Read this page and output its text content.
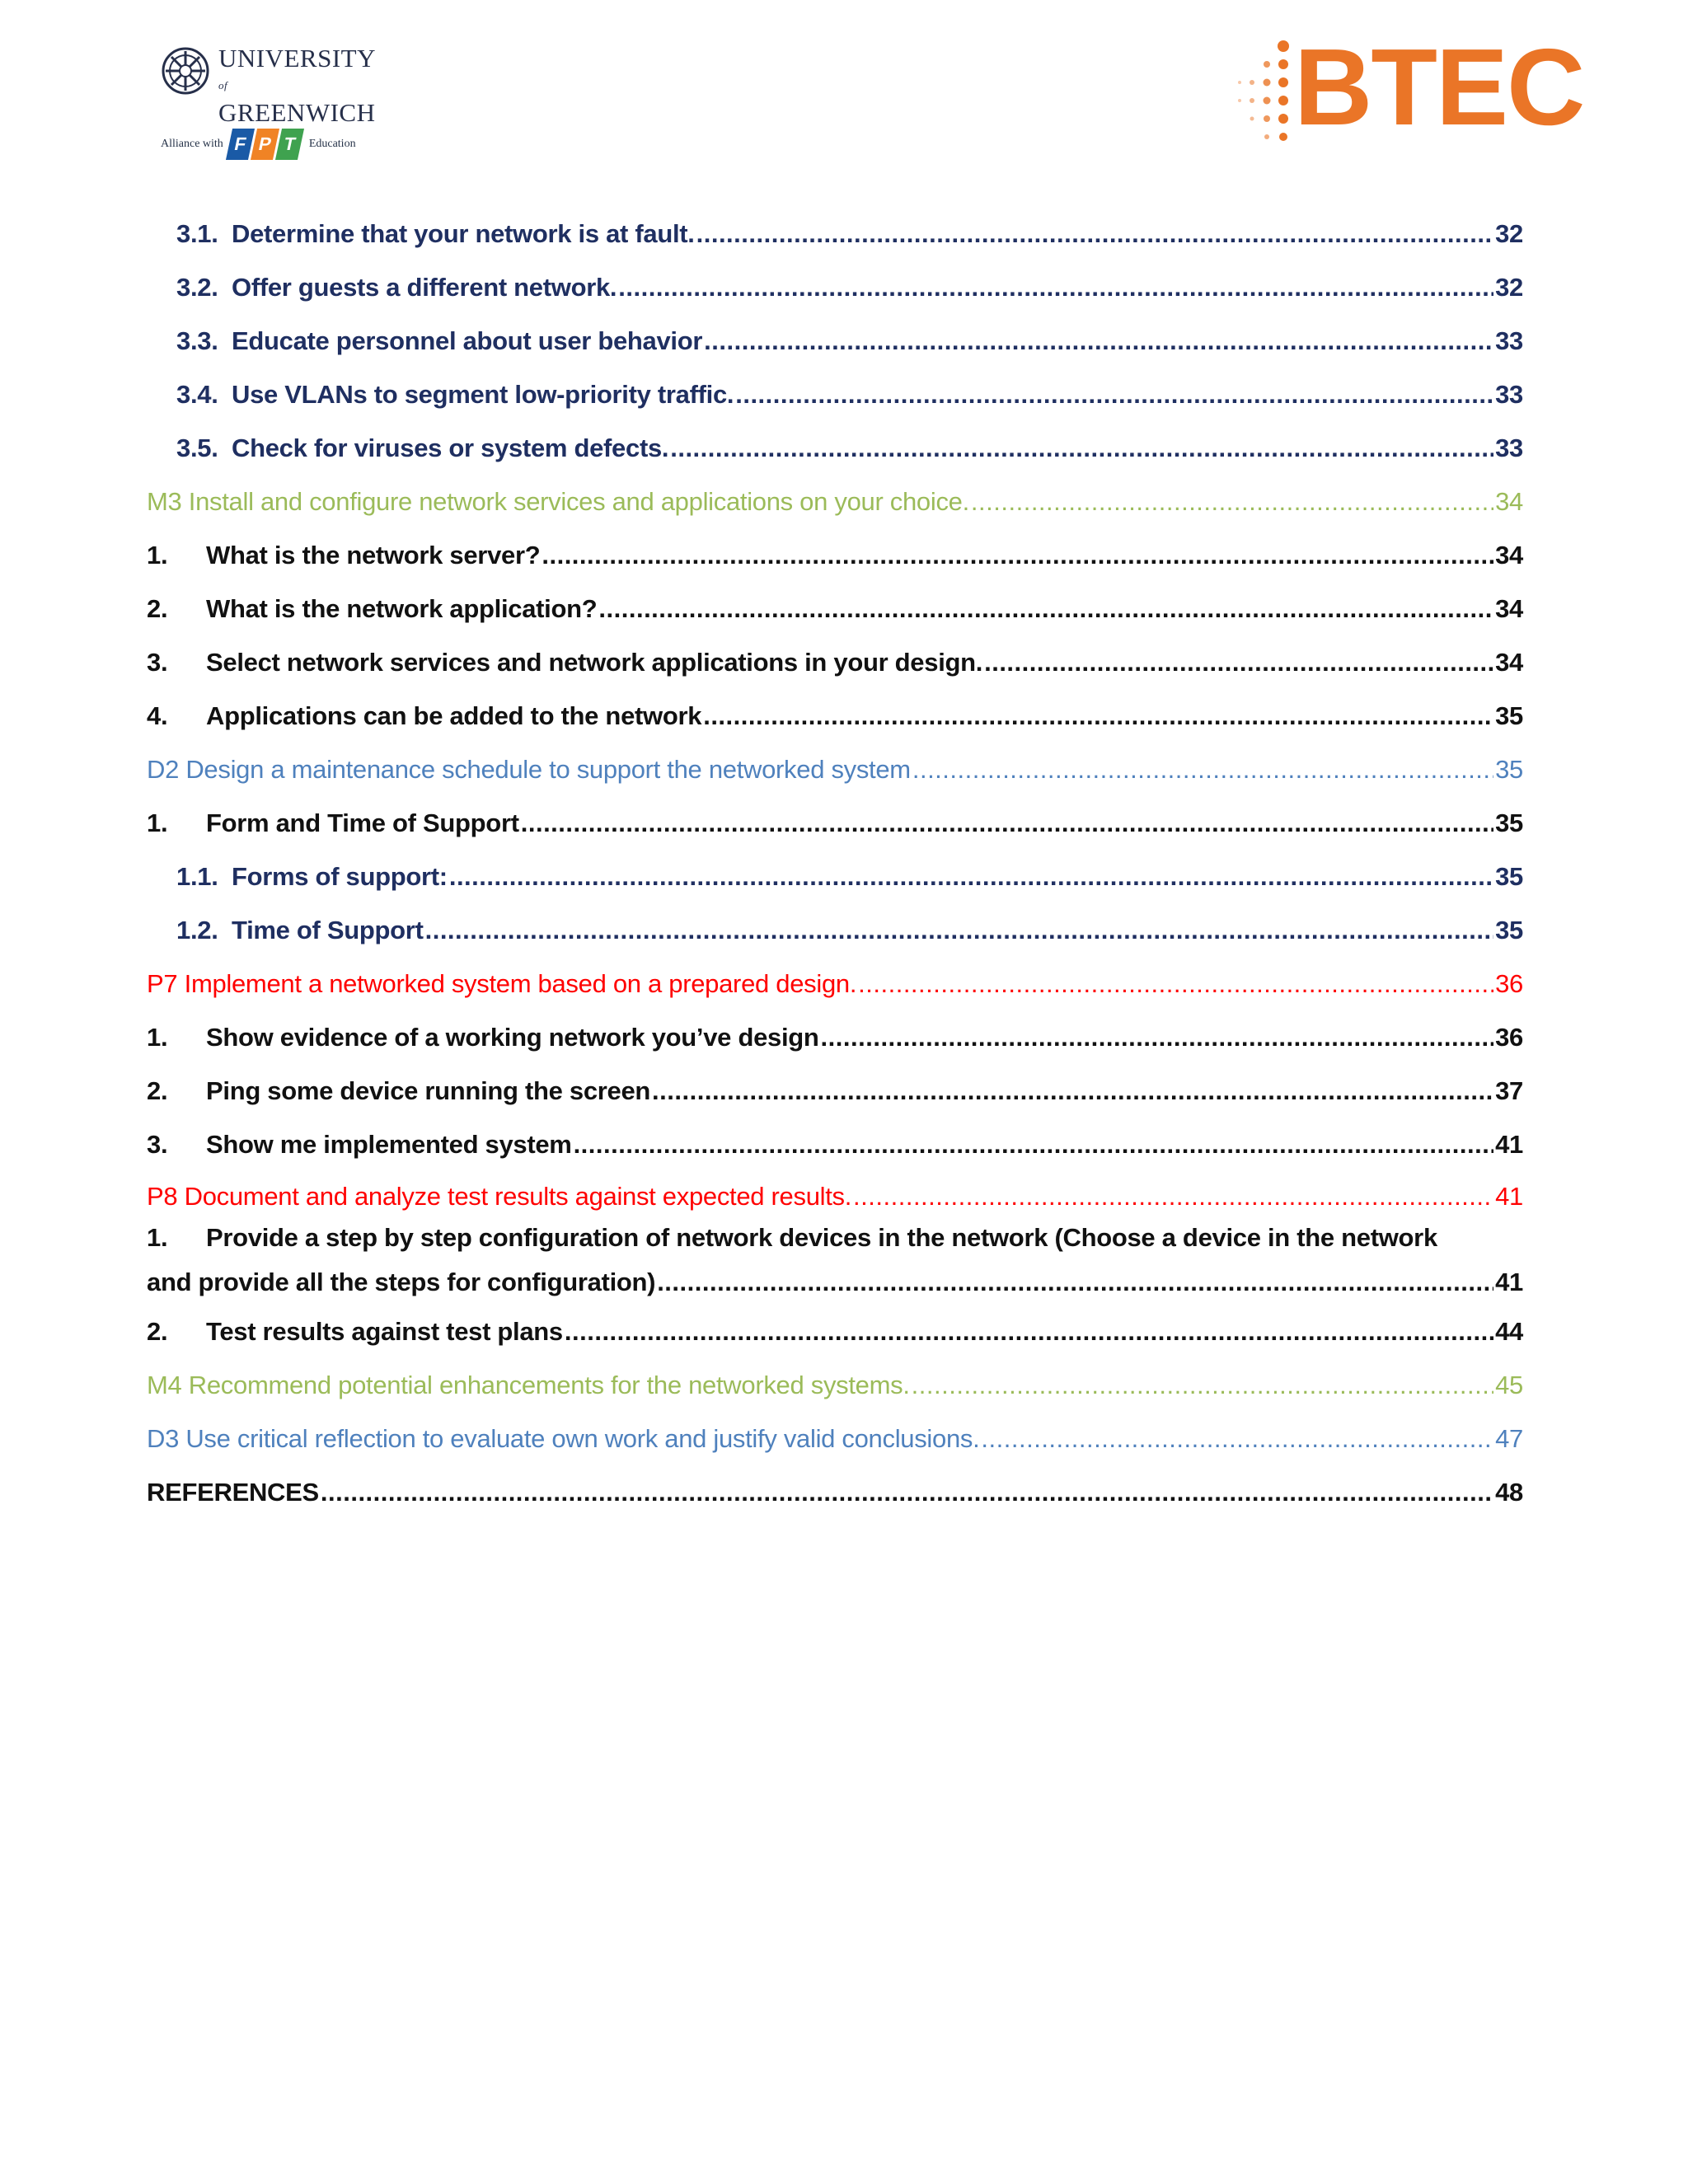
UNIVERSITY
$^{of}$
GREENWICH
Alliance with F P T	Education	BTEC
3.1. Determine that your network is at fault. .....	32
3.2. Offer guests a different network. .....	32
3.3. Educate personnel about user behavior .....	33
3.4. Use VLANs to segment low-priority traffic. .....	33
3.5. Check for viruses or system defects. .....	33
M3 Install and configure network services and applications on your choice. .....	34
1.	What is the network server? .....	34
2.	What is the network application? .....	34
3.	Select network services and network applications in your design. .....	34
4.	Applications can be added to the network .....	35
D2 Design a maintenance schedule to support the networked system .....	35
1.	Form and Time of Support .....	35
1.1. Forms of support: .....	35
1.2. Time of Support .....	35
P7 Implement a networked system based on a prepared design. .....	36
1.	Show evidence of a working network you’ve design .....	36
2.	Ping some device running the screen .....	37
3.	Show me implemented system .....	41
P8 Document and analyze test results against expected results. .....	41
1. Provide a step by step configuration of network devices in the network (Choose a device in the network
and provide all the steps for configuration) .....	41
2.	Test results against test plans .....	44
M4 Recommend potential enhancements for the networked systems. .....	45
D3 Use critical reflection to evaluate own work and justify valid conclusions. .....	47
REFERENCES .....	48
